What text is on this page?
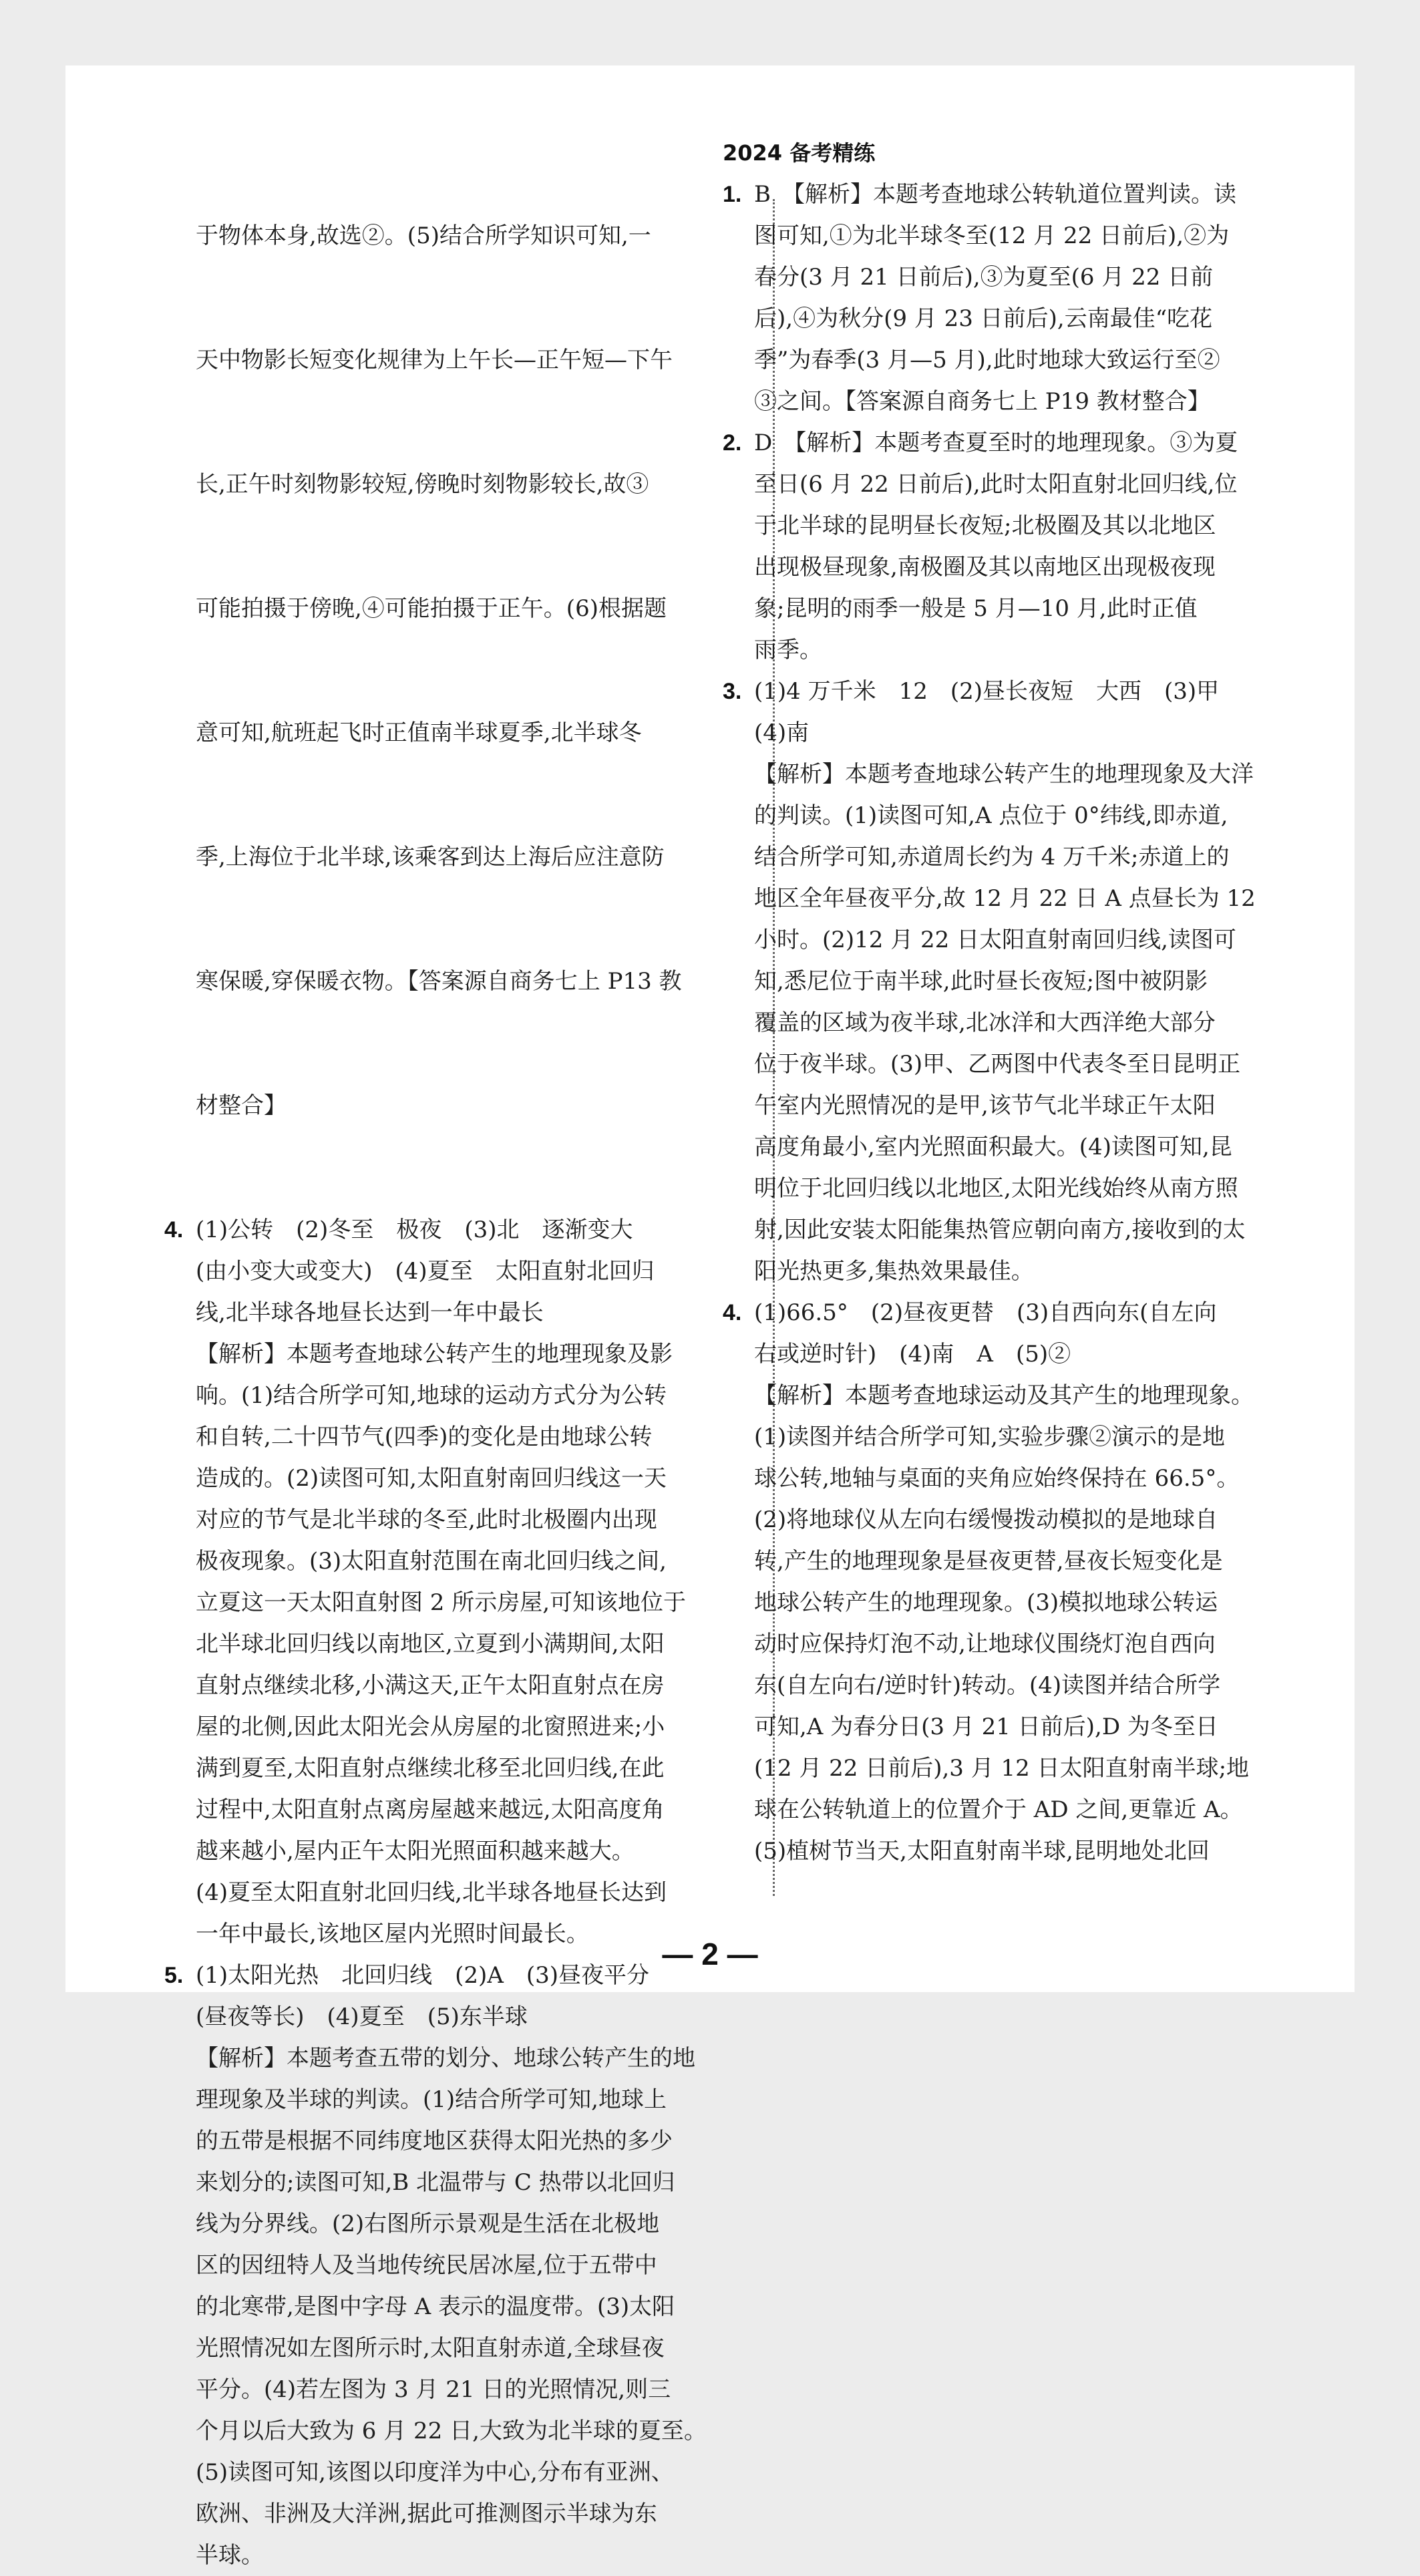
于物体本身,故选②。(5)结合所学知识可知,一

天中物影长短变化规律为上午长—正午短—下午

长,正午时刻物影较短,傍晚时刻物影较长,故③

可能拍摄于傍晚,④可能拍摄于正午。(6)根据题

意可知,航班起飞时正值南半球夏季,北半球冬

季,上海位于北半球,该乘客到达上海后应注意防

寒保暖,穿保暖衣物。【答案源自商务七上 P13 教

材整合】

4. (1)公转　(2)冬至　极夜　(3)北　逐渐变大
(由小变大或变大)　(4)夏至　太阳直射北回归
线,北半球各地昼长达到一年中最长
【解析】本题考查地球公转产生的地理现象及影
响。(1)结合所学可知,地球的运动方式分为公转
和自转,二十四节气(四季)的变化是由地球公转
造成的。(2)读图可知,太阳直射南回归线这一天
对应的节气是北半球的冬至,此时北极圈内出现
极夜现象。(3)太阳直射范围在南北回归线之间,
立夏这一天太阳直射图 2 所示房屋,可知该地位于
北半球北回归线以南地区,立夏到小满期间,太阳
直射点继续北移,小满这天,正午太阳直射点在房
屋的北侧,因此太阳光会从房屋的北窗照进来;小
满到夏至,太阳直射点继续北移至北回归线,在此
过程中,太阳直射点离房屋越来越远,太阳高度角
越来越小,屋内正午太阳光照面积越来越大。
(4)夏至太阳直射北回归线,北半球各地昼长达到
一年中最长,该地区屋内光照时间最长。
5. (1)太阳光热　北回归线　(2)A　(3)昼夜平分
(昼夜等长)　(4)夏至　(5)东半球
【解析】本题考查五带的划分、地球公转产生的地
理现象及半球的判读。(1)结合所学可知,地球上
的五带是根据不同纬度地区获得太阳光热的多少
来划分的;读图可知,B 北温带与 C 热带以北回归
线为分界线。(2)右图所示景观是生活在北极地
区的因纽特人及当地传统民居冰屋,位于五带中
的北寒带,是图中字母 A 表示的温度带。(3)太阳
光照情况如左图所示时,太阳直射赤道,全球昼夜
平分。(4)若左图为 3 月 21 日的光照情况,则三
个月以后大致为 6 月 22 日,大致为北半球的夏至。
(5)读图可知,该图以印度洋为中心,分布有亚洲、
欧洲、非洲及大洋洲,据此可推测图示半球为东
半球。
2024 备考精练
1. B　【解析】本题考查地球公转轨道位置判读。读
图可知,①为北半球冬至(12 月 22 日前后),②为
春分(3 月 21 日前后),③为夏至(6 月 22 日前
后),④为秋分(9 月 23 日前后),云南最佳“吃花
季”为春季(3 月—5 月),此时地球大致运行至②
③之间。【答案源自商务七上 P19 教材整合】
2. D　【解析】本题考查夏至时的地理现象。③为夏
至日(6 月 22 日前后),此时太阳直射北回归线,位
于北半球的昆明昼长夜短;北极圈及其以北地区
出现极昼现象,南极圈及其以南地区出现极夜现
象;昆明的雨季一般是 5 月—10 月,此时正值
雨季。
3. (1)4 万千米　12　(2)昼长夜短　大西　(3)甲
(4)南
【解析】本题考查地球公转产生的地理现象及大洋
的判读。(1)读图可知,A 点位于 0°纬线,即赤道,
结合所学可知,赤道周长约为 4 万千米;赤道上的
地区全年昼夜平分,故 12 月 22 日 A 点昼长为 12
小时。(2)12 月 22 日太阳直射南回归线,读图可
知,悉尼位于南半球,此时昼长夜短;图中被阴影
覆盖的区域为夜半球,北冰洋和大西洋绝大部分
位于夜半球。(3)甲、乙两图中代表冬至日昆明正
午室内光照情况的是甲,该节气北半球正午太阳
高度角最小,室内光照面积最大。(4)读图可知,昆
明位于北回归线以北地区,太阳光线始终从南方照
射,因此安装太阳能集热管应朝向南方,接收到的太
阳光热更多,集热效果最佳。
4. (1)66.5°　(2)昼夜更替　(3)自西向东(自左向
右或逆时针)　(4)南　A　(5)②
【解析】本题考查地球运动及其产生的地理现象。
(1)读图并结合所学可知,实验步骤②演示的是地
球公转,地轴与桌面的夹角应始终保持在 66.5°。
(2)将地球仪从左向右缓慢拨动模拟的是地球自
转,产生的地理现象是昼夜更替,昼夜长短变化是
地球公转产生的地理现象。(3)模拟地球公转运
动时应保持灯泡不动,让地球仪围绕灯泡自西向
东(自左向右/逆时针)转动。(4)读图并结合所学
可知,A 为春分日(3 月 21 日前后),D 为冬至日
(12 月 22 日前后),3 月 12 日太阳直射南半球;地
球在公转轨道上的位置介于 AD 之间,更靠近 A。
(5)植树节当天,太阳直射南半球,昆明地处北回
— 2 —
